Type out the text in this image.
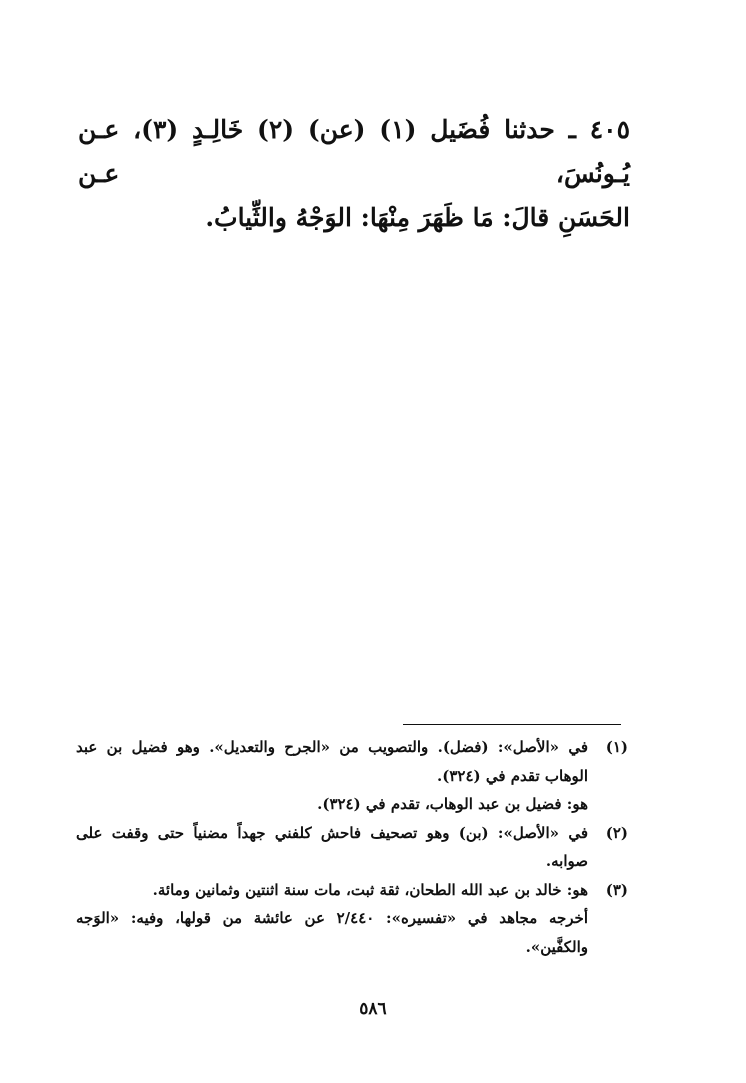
٤٠٥ ـ حدثنا فُضَيل (١) (عن) (٢) خَالِـدٍ (٣)، عـن يُـونُسَ، عـن
الحَسَنِ قالَ: مَا ظَهَرَ مِنْهَا: الوَجْهُ والثِّيابُ.
(١)
في «الأصل»: (فضل). والتصويب من «الجرح والتعديل». وهو فضيل بن عبد الوهاب تقدم في (٣٢٤).
هو: فضيل بن عبد الوهاب، تقدم في (٣٢٤).
(٢)
في «الأصل»: (بن) وهو تصحيف فاحش كلفني جهداً مضنياً حتى وقفت على صوابه.
(٣)
هو: خالد بن عبد الله الطحان، ثقة ثبت، مات سنة اثنتين وثمانين ومائة.
أخرجه مجاهد في «تفسيره»: ٢/٤٤٠ عن عائشة من قولها، وفيه: «الوَجه والكفَّين».
٥٨٦
